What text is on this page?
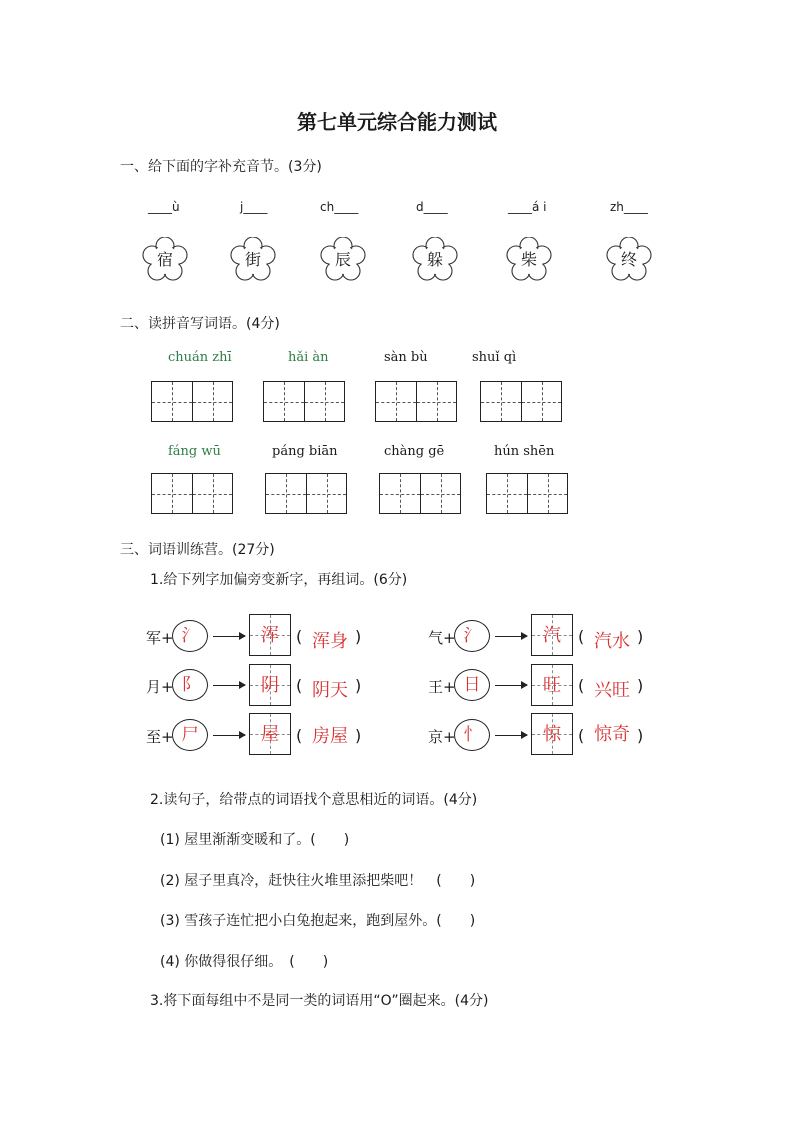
第七单元综合能力测试
一、给下面的字补充音节。(3分)
____ù	j____	ch____	d____	____á i	zh____
宿	街	辰	躲	柴	终
二、读拼音写词语。(4分)
chuán zhī	hǎi àn	sàn bù	shuǐ qì
fáng wū	páng biān	chàng gē	hún shēn
三、词语训练营。(27分)
1.给下列字加偏旁变新字，再组词。(6分)
军+ 氵	浑	( 浑身 )
月+ 阝	阴	( 阴天 )
至+ 尸	屋	( 房屋 )
气+ 氵	汽	( 汽水 )
王+ 日	旺	( 兴旺 )
京+ 忄	惊	( 惊奇 )
2.读句子，给带点的词语找个意思相近的词语。(4分)
(1) 屋里渐渐变暖和了。(　　)
(2) 屋子里真冷，赶快往火堆里添把柴吧！　(　　)
(3) 雪孩子连忙把小白兔抱起来，跑到屋外。(　　)
(4) 你做得很仔细。　(　　)
3.将下面每组中不是同一类的词语用“O”圈起来。(4分)
